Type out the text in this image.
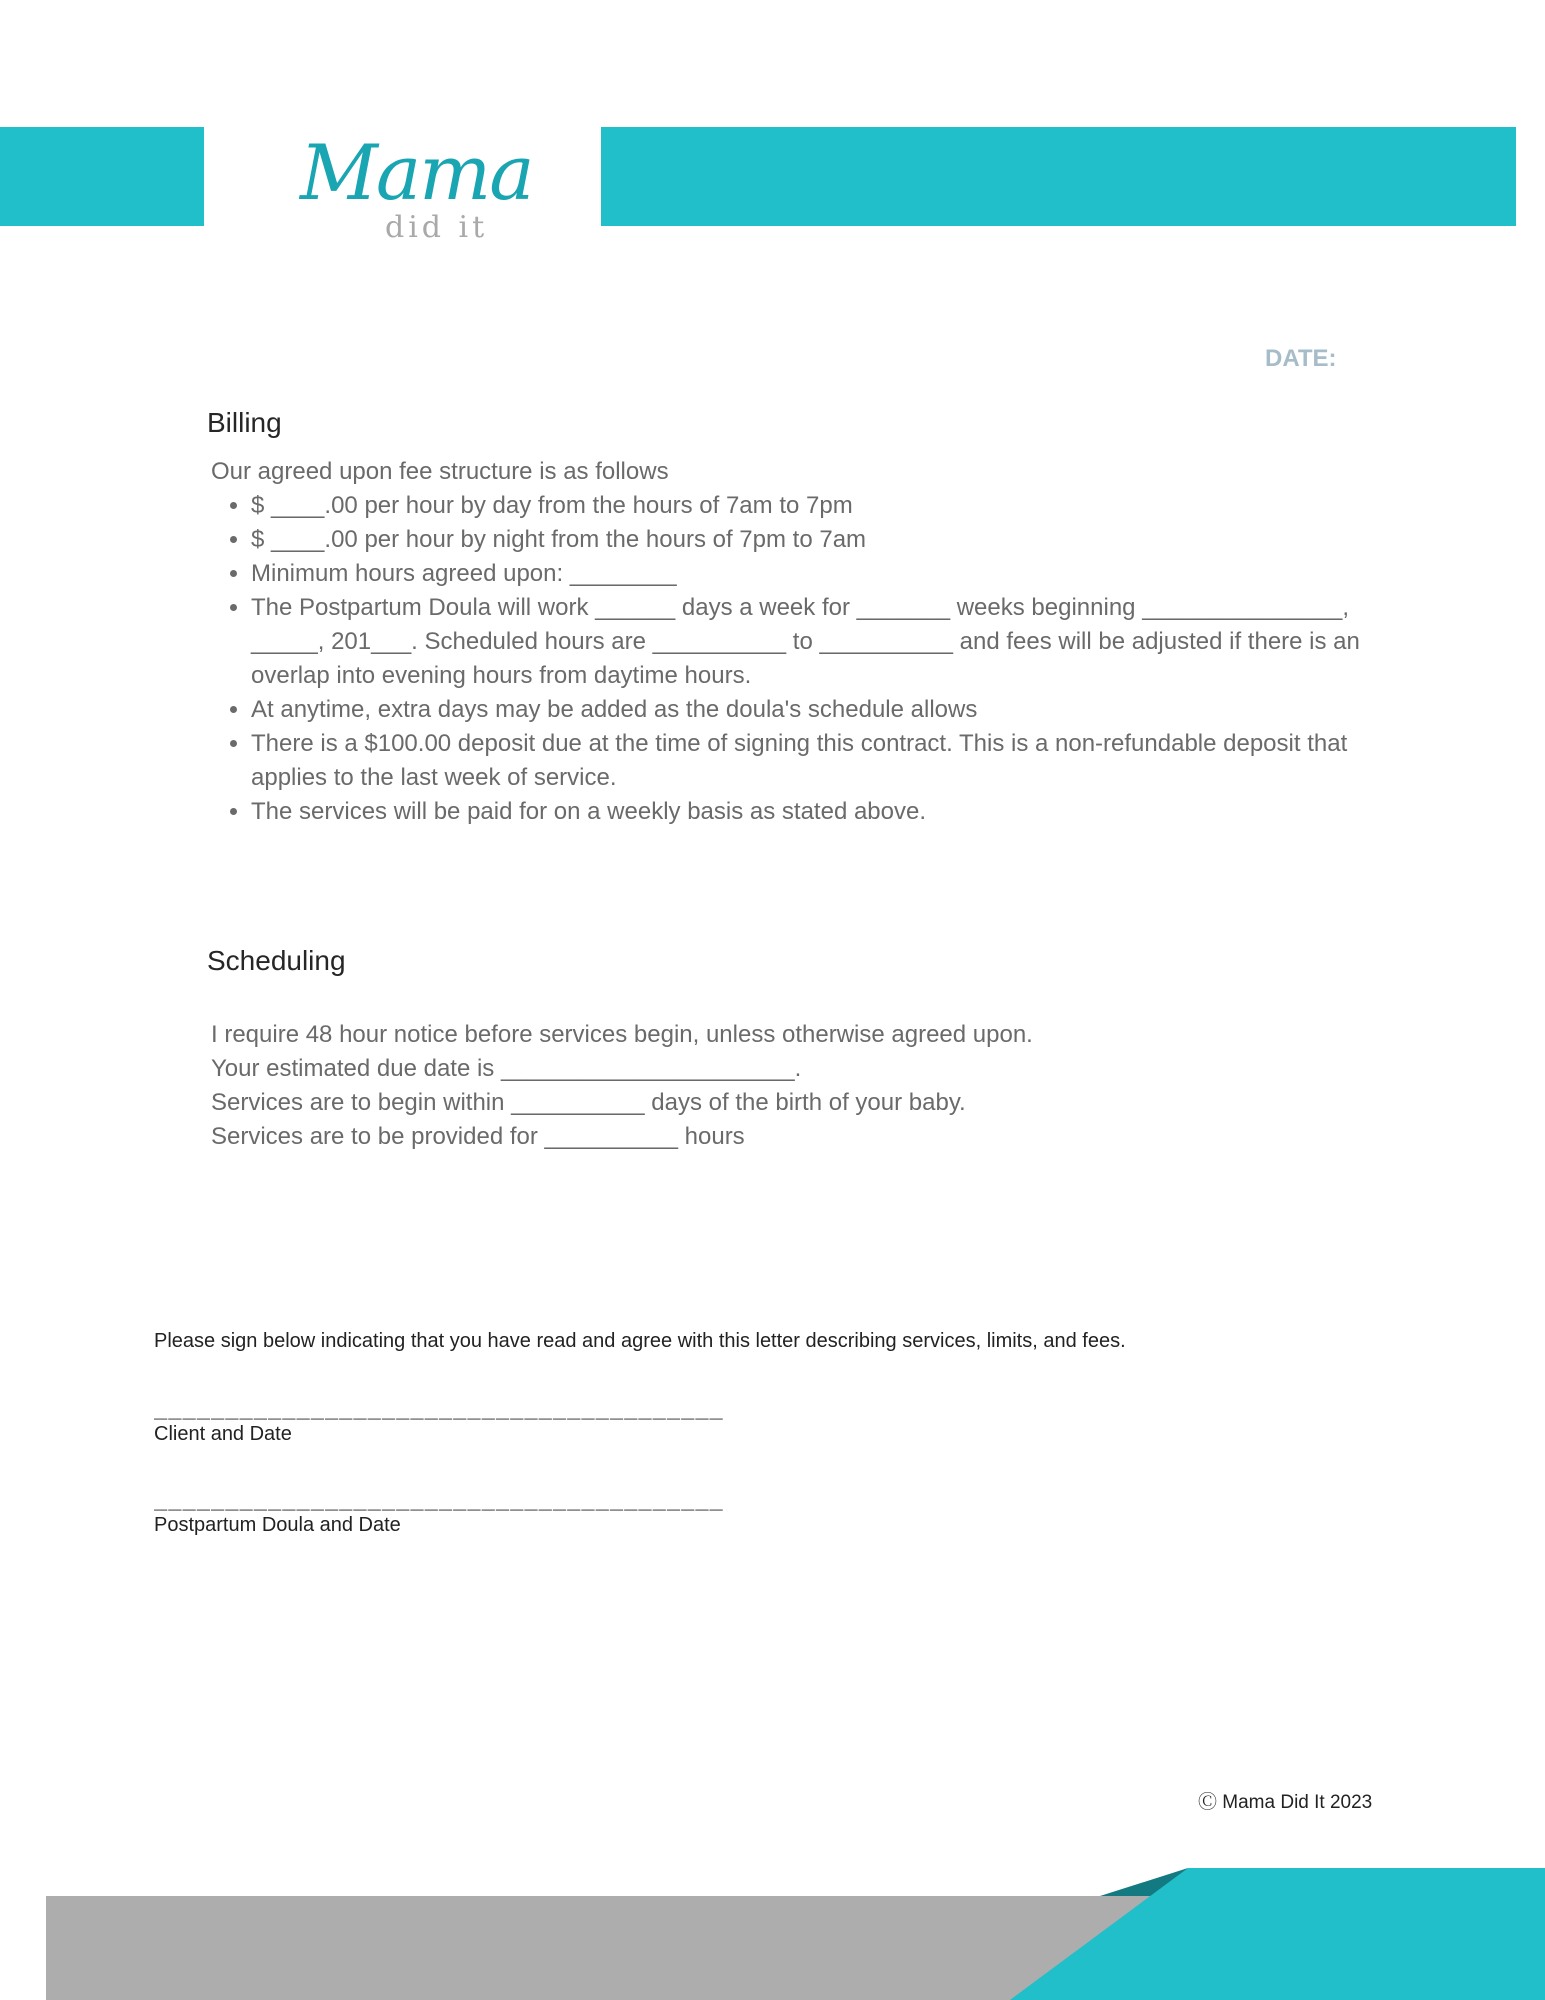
Mama
did it
DATE:
Billing
Our agreed upon fee structure is as follows
• $ ____.00 per hour by day from the hours of 7am to 7pm
• $ ____.00 per hour by night from the hours of 7pm to 7am
• Minimum hours agreed upon: ________
• The Postpartum Doula will work ______ days a week for _______ weeks beginning _______________, _____, 201___. Scheduled hours are __________ to __________ and fees will be adjusted if there is an overlap into evening hours from daytime hours.
• At anytime, extra days may be added as the doula's schedule allows
• There is a $100.00 deposit due at the time of signing this contract. This is a non-refundable deposit that applies to the last week of service.
• The services will be paid for on a weekly basis as stated above.
Scheduling
I require 48 hour notice before services begin, unless otherwise agreed upon.
Your estimated due date is ______________________.
Services are to begin within __________ days of the birth of your baby.
Services are to be provided for __________ hours
Please sign below indicating that you have read and agree with this letter describing services, limits, and fees.
________________________________________
Client and Date
________________________________________
Postpartum Doula and Date
Ⓒ Mama Did It 2023
